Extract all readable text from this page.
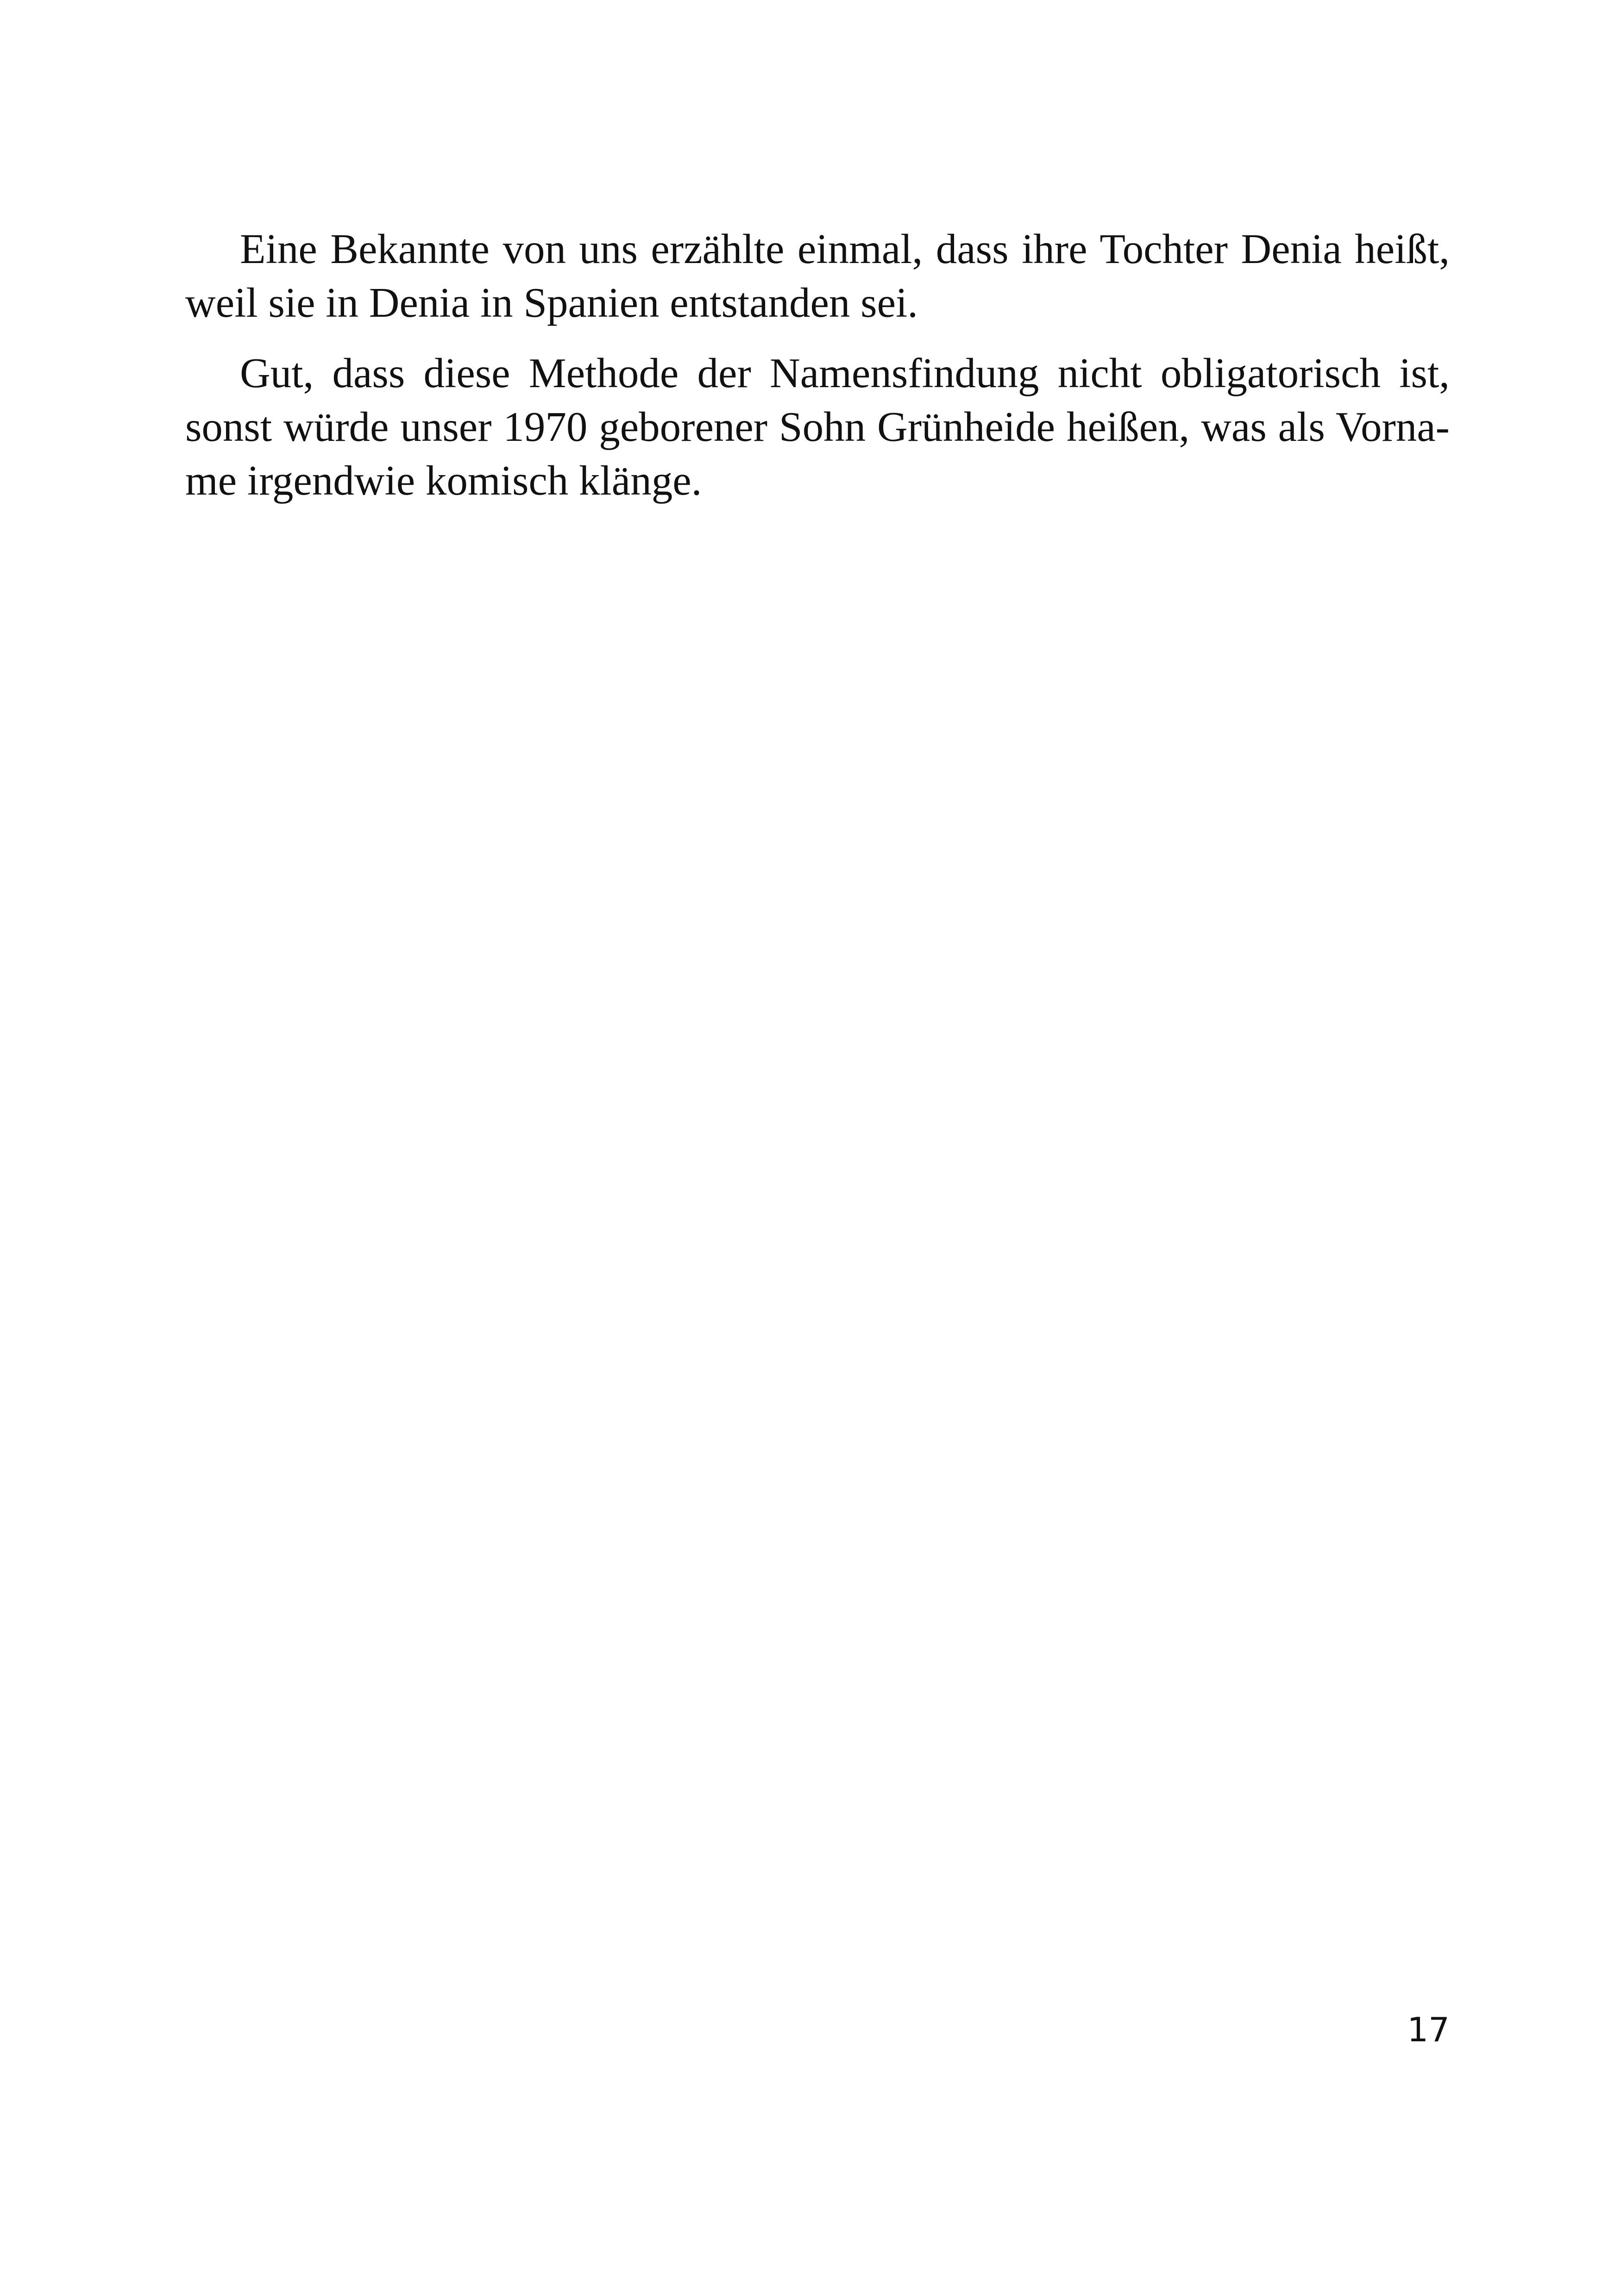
Eine Bekannte von uns erzählte einmal, dass ihre Tochter Denia heißt, weil sie in Denia in Spanien entstanden sei.

Gut, dass diese Methode der Namensfindung nicht obligatorisch ist, sonst würde unser 1970 geborener Sohn Grünheide heißen, was als Vorna- me irgendwie komisch klänge.

17
